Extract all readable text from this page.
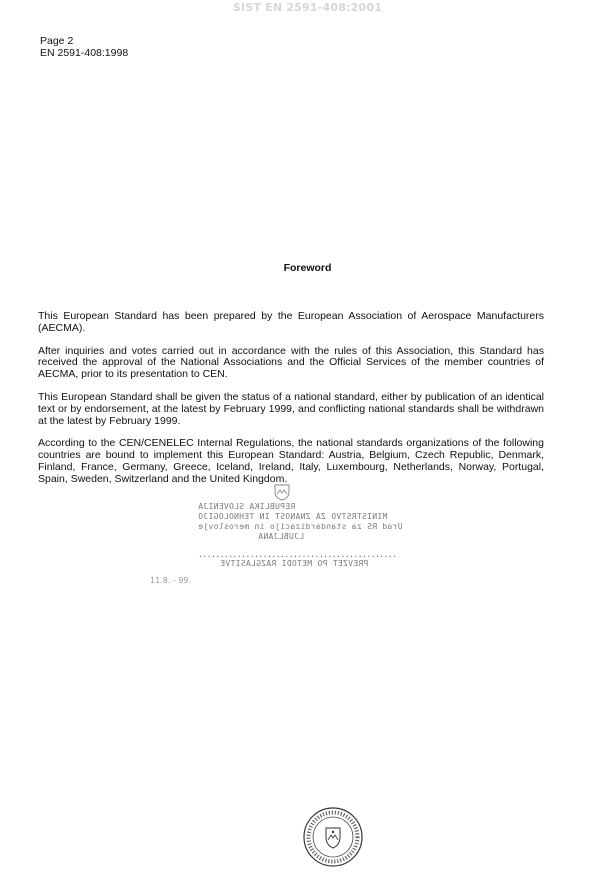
SIST EN 2591-408:2001
Page 2
EN 2591-408:1998
Foreword

This European Standard has been prepared by the European Association of Aerospace Manufacturers (AECMA).

After inquiries and votes carried out in accordance with the rules of this Association, this Standard has received the approval of the National Associations and the Official Services of the member countries of AECMA, prior to its presentation to CEN.

This European Standard shall be given the status of a national standard, either by publication of an identical text or by endorsement, at the latest by February 1999, and conflicting national standards shall be withdrawn at the latest by February 1999.

According to the CEN/CENELEC Internal Regulations, the national standards organizations of the following countries are bound to implement this European Standard: Austria, Belgium, Czech Republic, Denmark, Finland, France, Germany, Greece, Iceland, Ireland, Italy, Luxembourg, Netherlands, Norway, Portugal, Spain, Sweden, Switzerland and the United Kingdom.

REPUBLIKA SLOVENIJA
MINISTRSTVO ZA ZNANOST IN TEHNOLOGIJO
Urad RS za standardizacijo in meroslovje
LJUBLJANA
..............................................
PREVZET PO METODI RAZGLASITVE
11.8. - 99.
